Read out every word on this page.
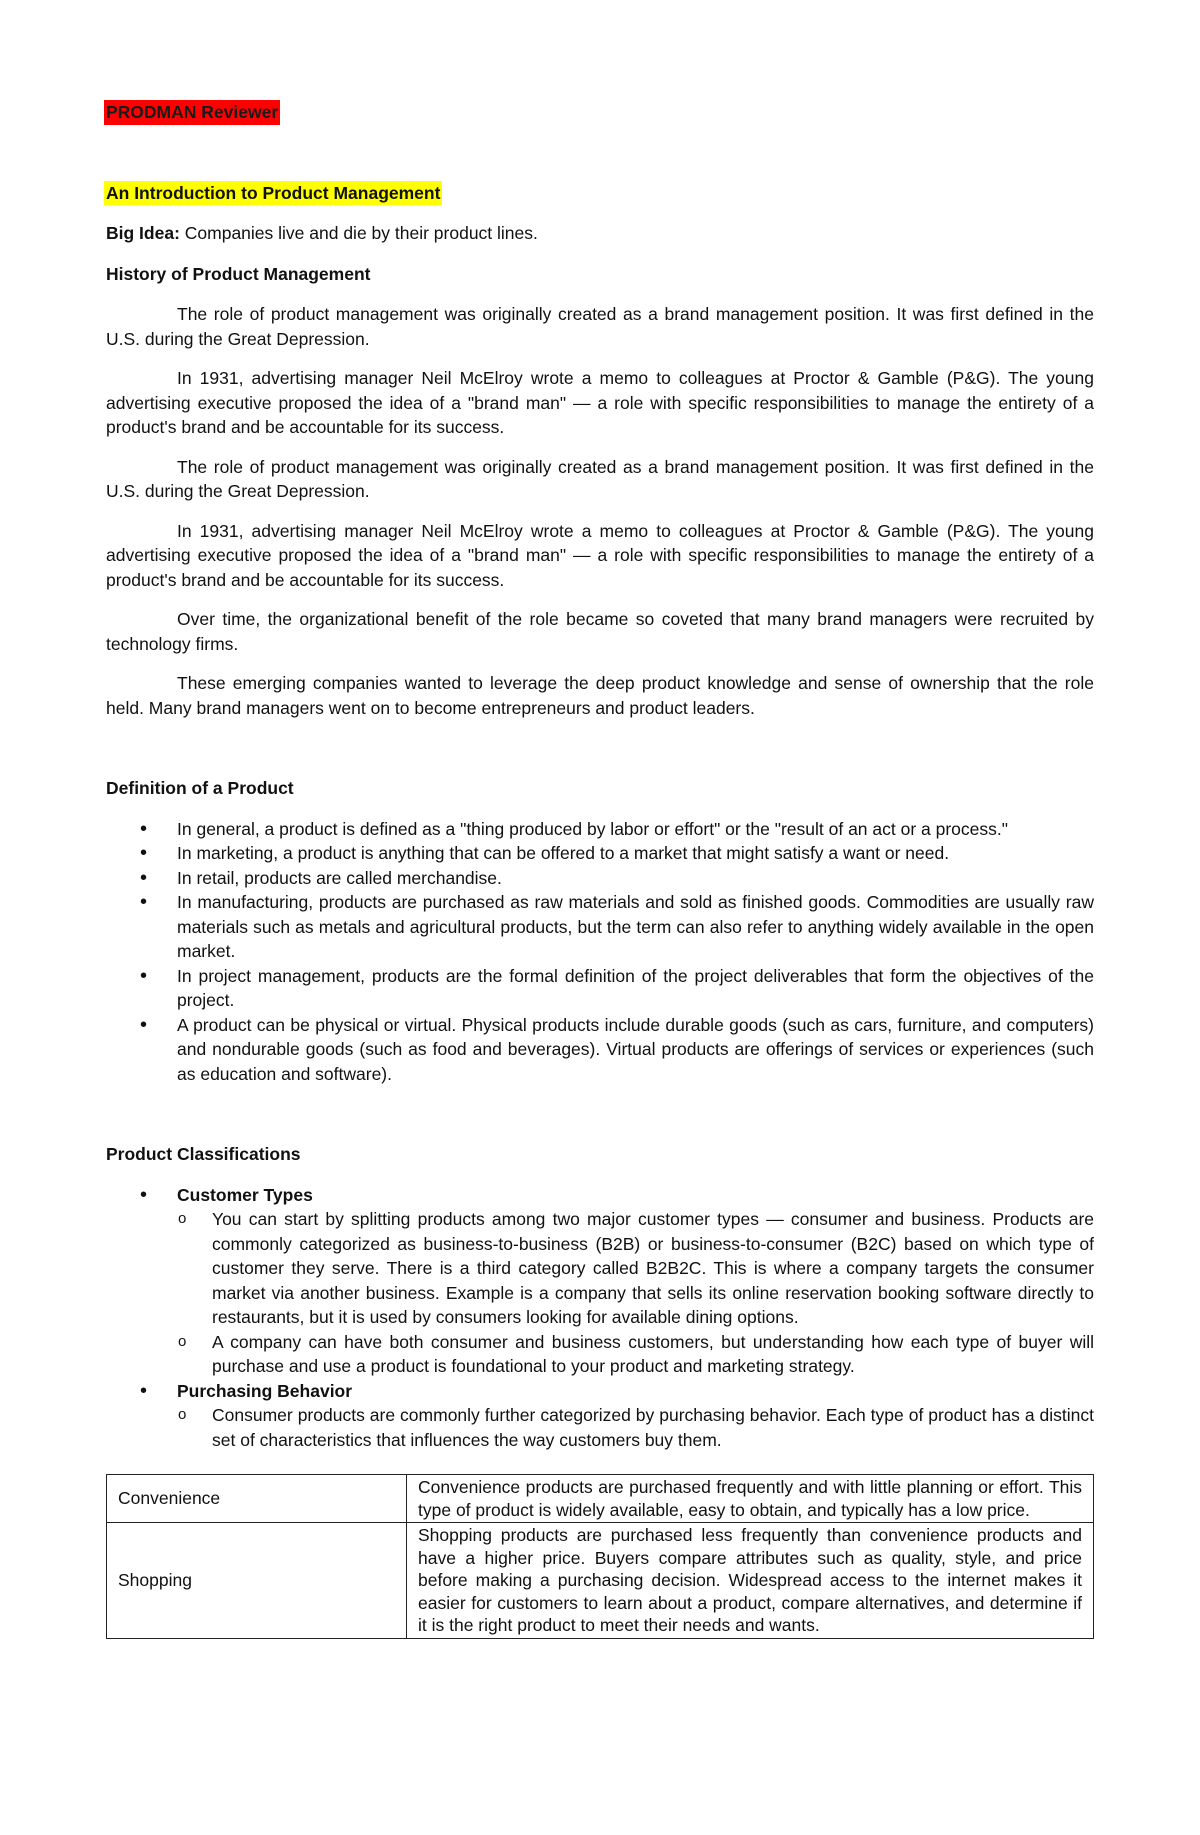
PRODMAN Reviewer

An Introduction to Product Management

Big Idea: Companies live and die by their product lines.

History of Product Management

The role of product management was originally created as a brand management position. It was first defined in the U.S. during the Great Depression.

In 1931, advertising manager Neil McElroy wrote a memo to colleagues at Proctor & Gamble (P&G). The young advertising executive proposed the idea of a "brand man" — a role with specific responsibilities to manage the entirety of a product's brand and be accountable for its success.

The role of product management was originally created as a brand management position. It was first defined in the U.S. during the Great Depression.

In 1931, advertising manager Neil McElroy wrote a memo to colleagues at Proctor & Gamble (P&G). The young advertising executive proposed the idea of a "brand man" — a role with specific responsibilities to manage the entirety of a product's brand and be accountable for its success.

Over time, the organizational benefit of the role became so coveted that many brand managers were recruited by technology firms.

These emerging companies wanted to leverage the deep product knowledge and sense of ownership that the role held. Many brand managers went on to become entrepreneurs and product leaders.

Definition of a Product

• In general, a product is defined as a "thing produced by labor or effort" or the "result of an act or a process."
• In marketing, a product is anything that can be offered to a market that might satisfy a want or need.
• In retail, products are called merchandise.
• In manufacturing, products are purchased as raw materials and sold as finished goods. Commodities are usually raw materials such as metals and agricultural products, but the term can also refer to anything widely available in the open market.
• In project management, products are the formal definition of the project deliverables that form the objectives of the project.
• A product can be physical or virtual. Physical products include durable goods (such as cars, furniture, and computers) and nondurable goods (such as food and beverages). Virtual products are offerings of services or experiences (such as education and software).

Product Classifications

• Customer Types
o You can start by splitting products among two major customer types — consumer and business. Products are commonly categorized as business-to-business (B2B) or business-to-consumer (B2C) based on which type of customer they serve. There is a third category called B2B2C. This is where a company targets the consumer market via another business. Example is a company that sells its online reservation booking software directly to restaurants, but it is used by consumers looking for available dining options.
o A company can have both consumer and business customers, but understanding how each type of buyer will purchase and use a product is foundational to your product and marketing strategy.
• Purchasing Behavior
o Consumer products are commonly further categorized by purchasing behavior. Each type of product has a distinct set of characteristics that influences the way customers buy them.
Convenience	Convenience products are purchased frequently and with little planning or effort. This type of product is widely available, easy to obtain, and typically has a low price.
Shopping	Shopping products are purchased less frequently than convenience products and have a higher price. Buyers compare attributes such as quality, style, and price before making a purchasing decision. Widespread access to the internet makes it easier for customers to learn about a product, compare alternatives, and determine if it is the right product to meet their needs and wants.
